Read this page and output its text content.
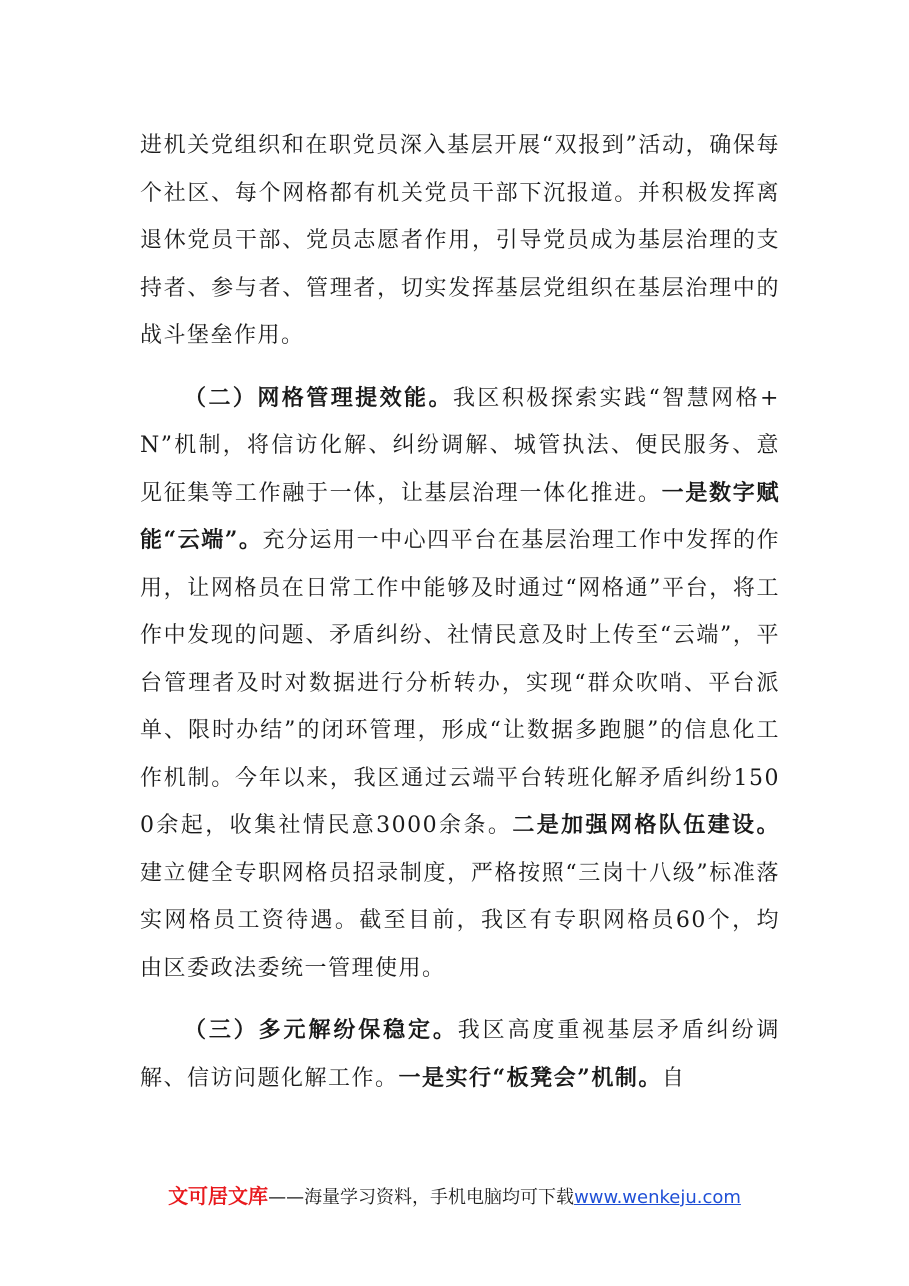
进机关党组织和在职党员深入基层开展“双报到”活动，确保每个社区、每个网格都有机关党员干部下沉报道。并积极发挥离退休党员干部、党员志愿者作用，引导党员成为基层治理的支持者、参与者、管理者，切实发挥基层党组织在基层治理中的战斗堡垒作用。

（二）网格管理提效能。我区积极探索实践“智慧网格+N”机制，将信访化解、纠纷调解、城管执法、便民服务、意见征集等工作融于一体，让基层治理一体化推进。一是数字赋能“云端”。充分运用一中心四平台在基层治理工作中发挥的作用，让网格员在日常工作中能够及时通过“网格通”平台，将工作中发现的问题、矛盾纠纷、社情民意及时上传至“云端”，平台管理者及时对数据进行分析转办，实现“群众吹哨、平台派单、限时办结”的闭环管理，形成“让数据多跑腿”的信息化工作机制。今年以来，我区通过云端平台转班化解矛盾纠纷1500余起，收集社情民意3000余条。二是加强网格队伍建设。建立健全专职网格员招录制度，严格按照“三岗十八级”标准落实网格员工资待遇。截至目前，我区有专职网格员60个，均由区委政法委统一管理使用。

（三）多元解纷保稳定。我区高度重视基层矛盾纠纷调解、信访问题化解工作。一是实行“板凳会”机制。自

文可居文库——海量学习资料，手机电脑均可下载www.wenkeju.com
